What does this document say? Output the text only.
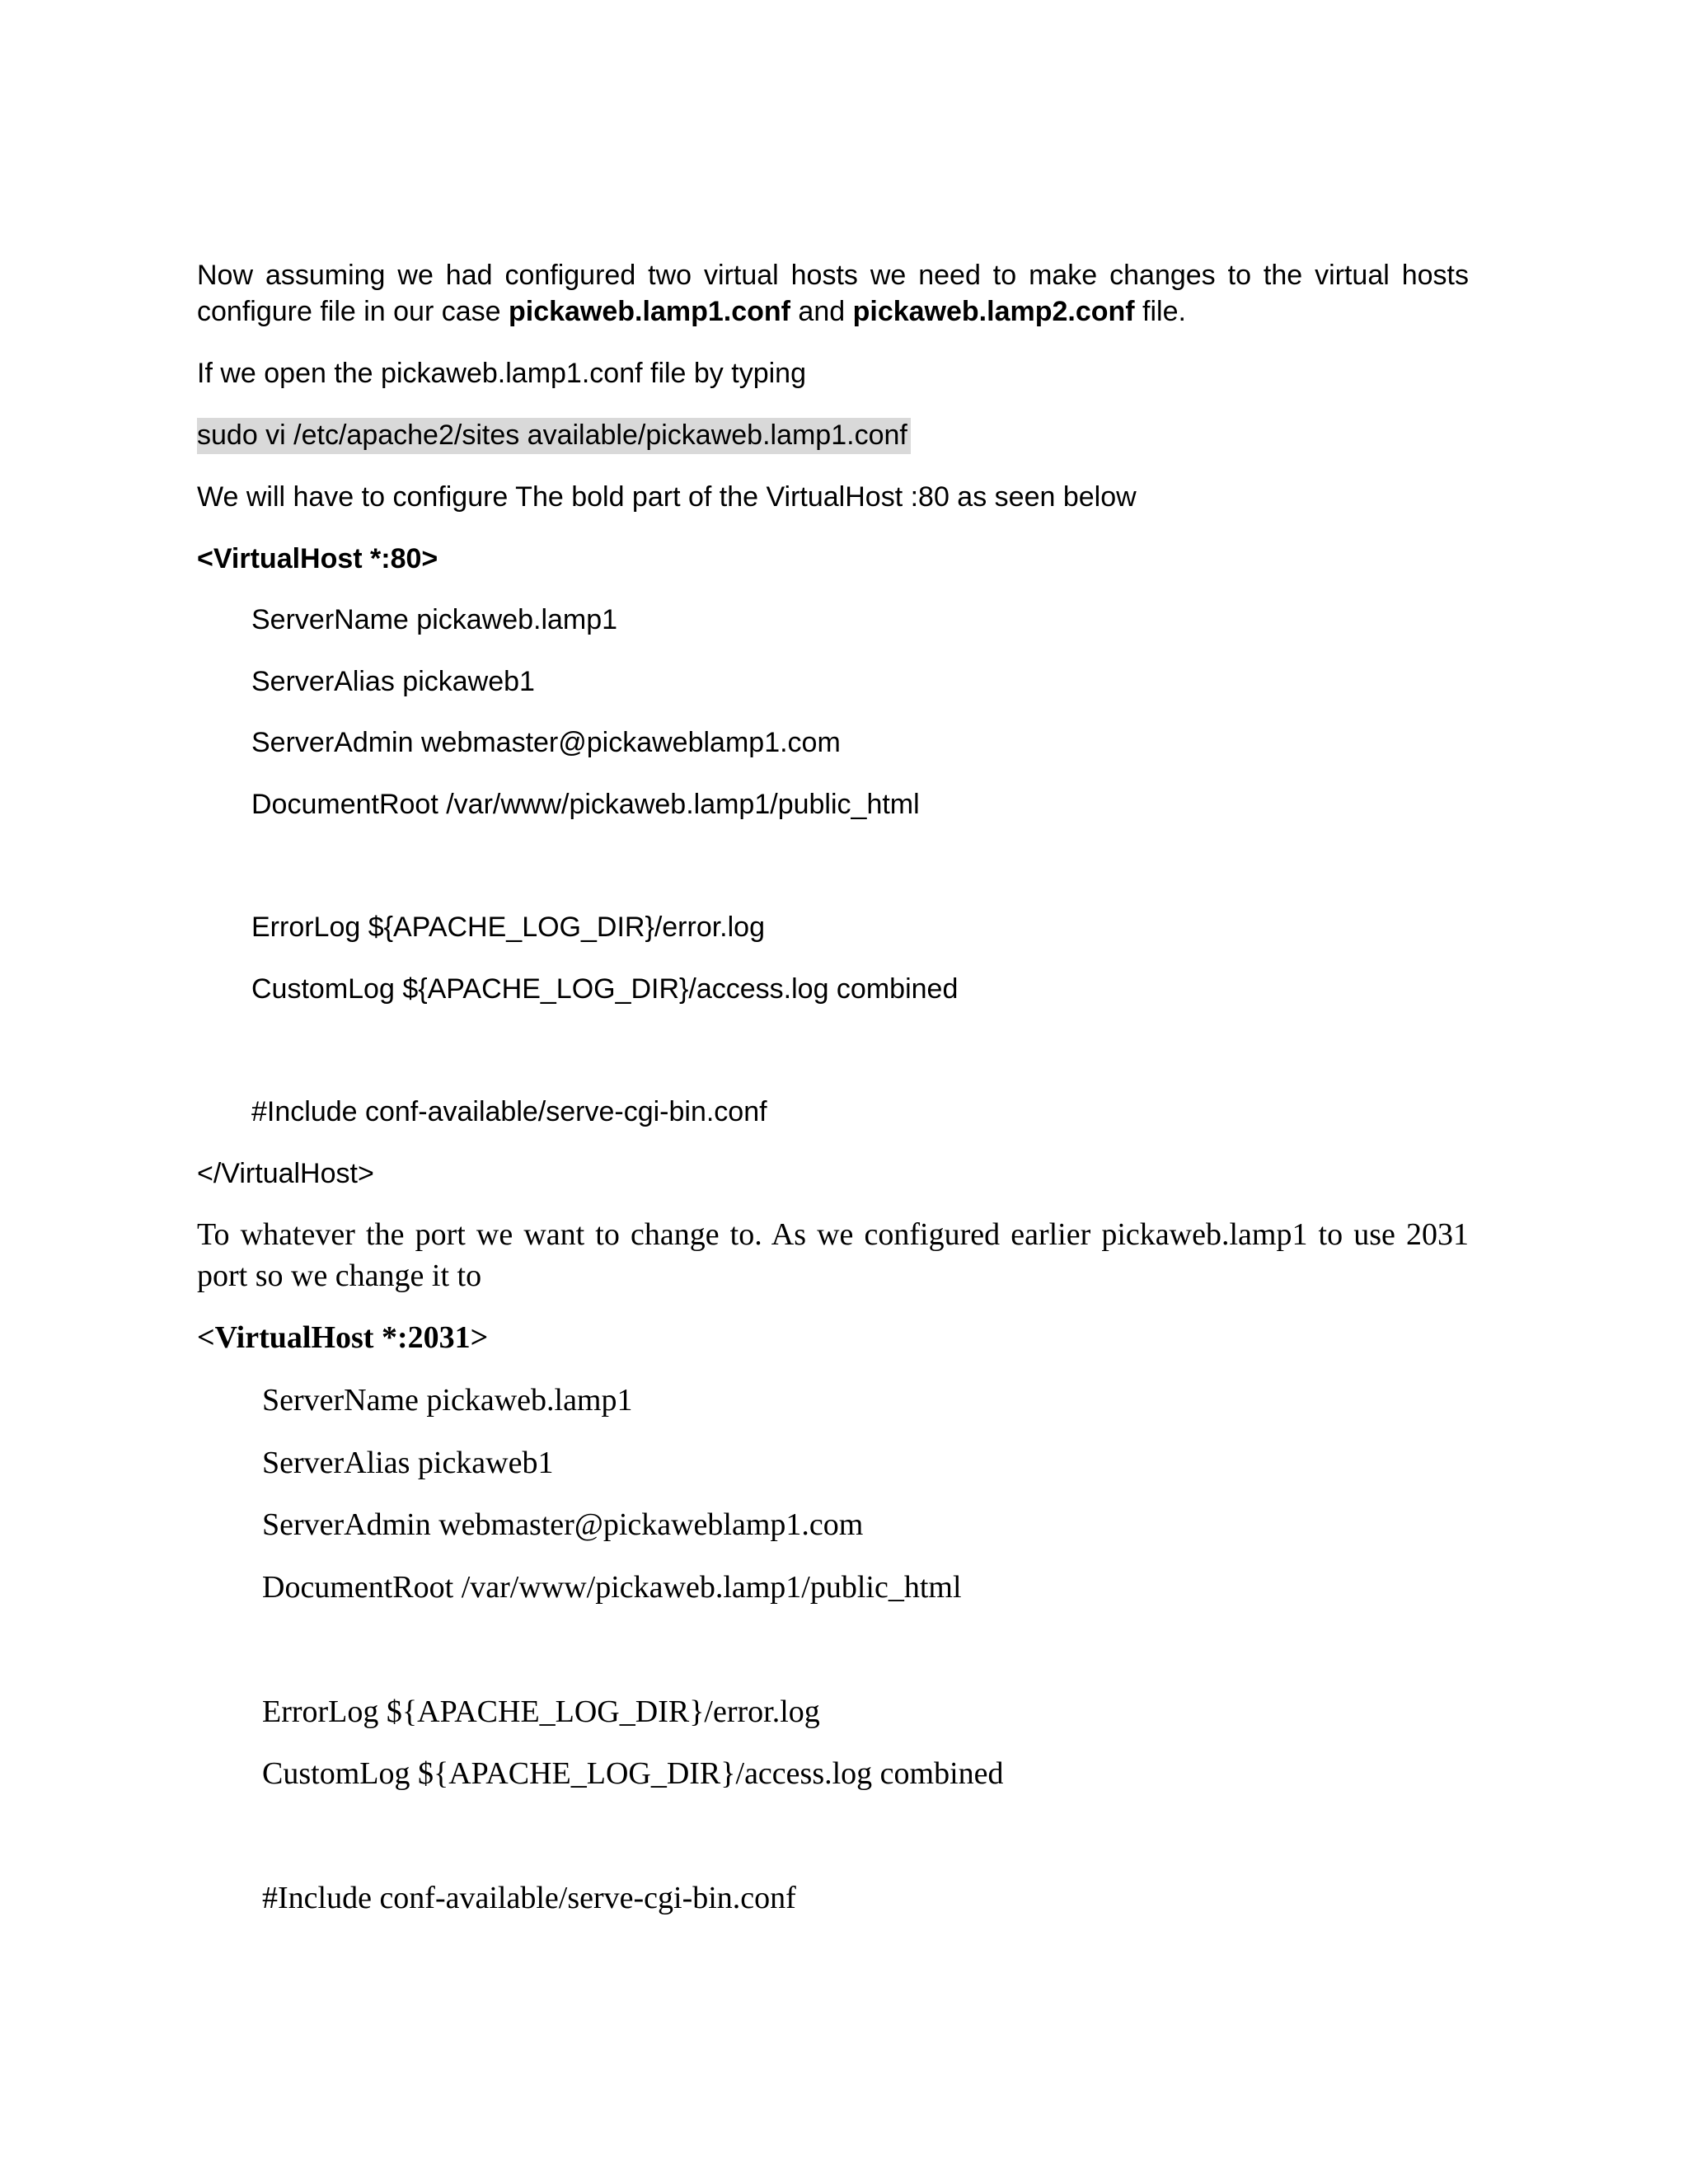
Now assuming we had configured two virtual hosts we need to make changes to the virtual hosts
configure file in our case pickaweb.lamp1.conf and pickaweb.lamp2.conf file.
If we open the pickaweb.lamp1.conf file by typing
sudo vi /etc/apache2/sites available/pickaweb.lamp1.conf
We will have to configure The bold part of the VirtualHost :80 as seen below
<VirtualHost *:80>
ServerName pickaweb.lamp1
ServerAlias pickaweb1
ServerAdmin webmaster@pickaweblamp1.com
DocumentRoot /var/www/pickaweb.lamp1/public_html
ErrorLog ${APACHE_LOG_DIR}/error.log
CustomLog ${APACHE_LOG_DIR}/access.log combined
#Include conf-available/serve-cgi-bin.conf
</VirtualHost>
To whatever the port we want to change to. As we configured earlier pickaweb.lamp1 to use 2031
port so we change it to
<VirtualHost *:2031>
ServerName pickaweb.lamp1
ServerAlias pickaweb1
ServerAdmin webmaster@pickaweblamp1.com
DocumentRoot /var/www/pickaweb.lamp1/public_html
ErrorLog ${APACHE_LOG_DIR}/error.log
CustomLog ${APACHE_LOG_DIR}/access.log combined
#Include conf-available/serve-cgi-bin.conf
